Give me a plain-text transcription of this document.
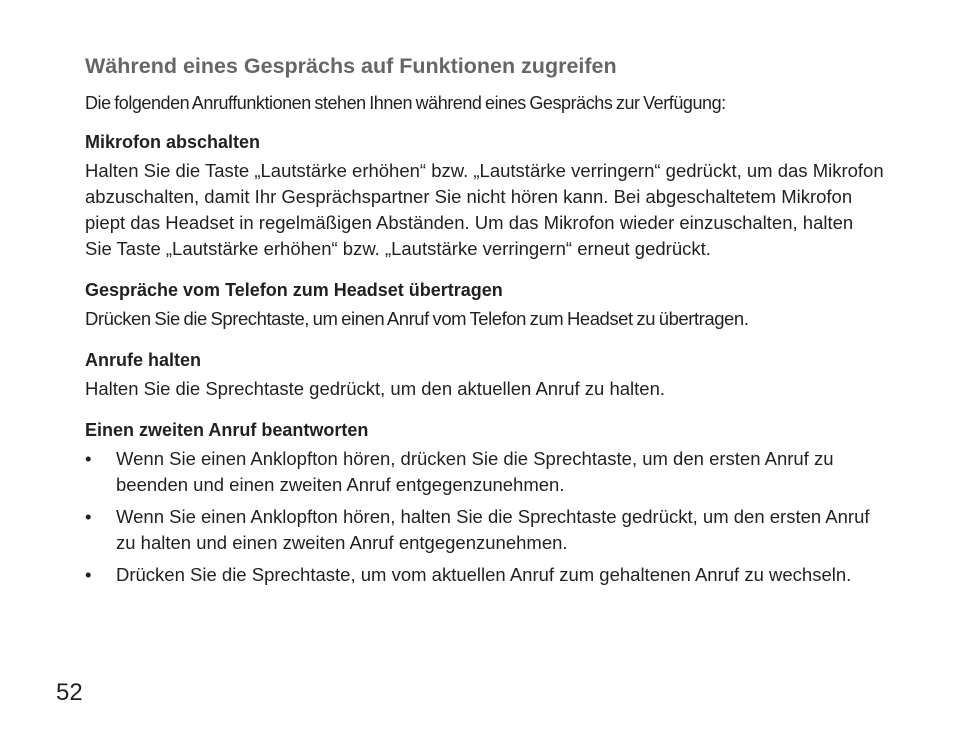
Während eines Gesprächs auf Funktionen zugreifen

Die folgenden Anruffunktionen stehen Ihnen während eines Gesprächs zur Verfügung:

Mikrofon abschalten

Halten Sie die Taste „Lautstärke erhöhen“ bzw. „Lautstärke verringern“ gedrückt, um das Mikrofon abzuschalten, damit Ihr Gesprächspartner Sie nicht hören kann. Bei abgeschaltetem Mikrofon piept das Headset in regelmäßigen Abständen. Um das Mikrofon wieder einzuschalten, halten Sie Taste „Lautstärke erhöhen“ bzw. „Lautstärke verringern“ erneut gedrückt.

Gespräche vom Telefon zum Headset übertragen

Drücken Sie die Sprechtaste, um einen Anruf vom Telefon zum Headset zu übertragen.

Anrufe halten

Halten Sie die Sprechtaste gedrückt, um den aktuellen Anruf zu halten.

Einen zweiten Anruf beantworten
• Wenn Sie einen Anklopfton hören, drücken Sie die Sprechtaste, um den ersten Anruf zu beenden und einen zweiten Anruf entgegenzunehmen.
• Wenn Sie einen Anklopfton hören, halten Sie die Sprechtaste gedrückt, um den ersten Anruf zu halten und einen zweiten Anruf entgegenzunehmen.
• Drücken Sie die Sprechtaste, um vom aktuellen Anruf zum gehaltenen Anruf zu wechseln.

52
